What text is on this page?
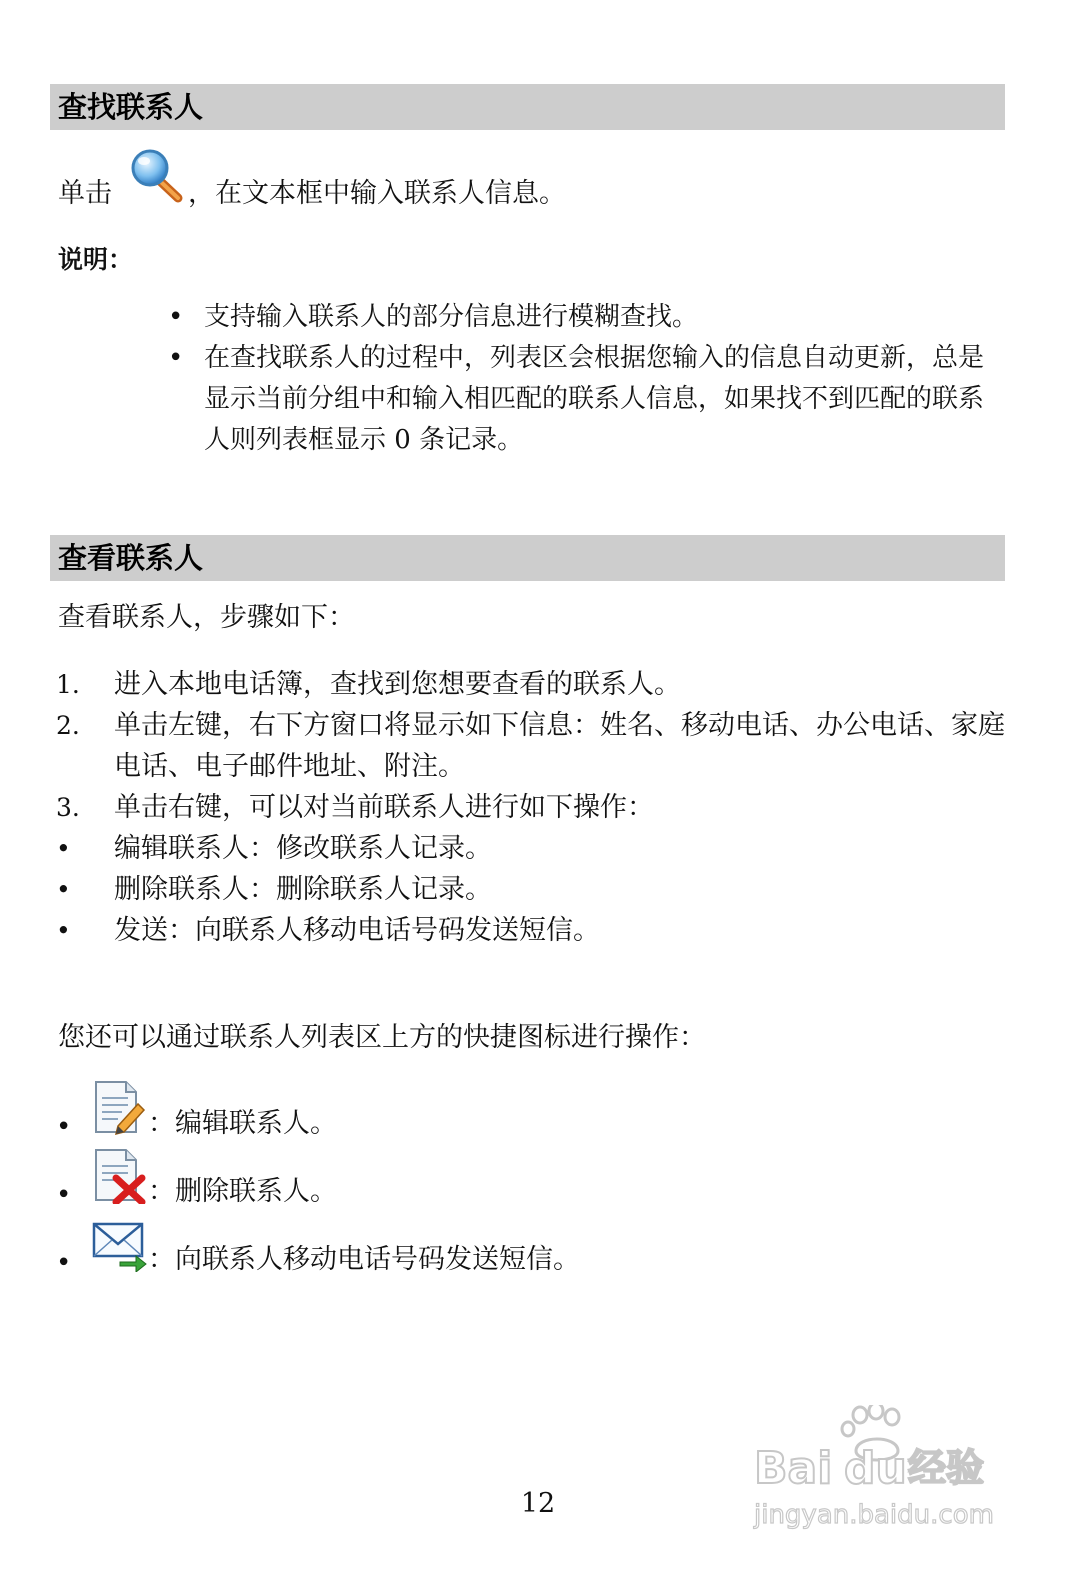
查找联系人
单击	，在文本框中输入联系人信息。
说明：
• 支持输入联系人的部分信息进行模糊查找。
• 在查找联系人的过程中，列表区会根据您输入的信息自动更新，总是显示当前分组中和输入相匹配的联系人信息，如果找不到匹配的联系人则列表框显示 0 条记录。
查看联系人
查看联系人，步骤如下：
1. 进入本地电话簿，查找到您想要查看的联系人。
2. 单击左键，右下方窗口将显示如下信息：姓名、移动电话、办公电话、家庭电话、电子邮件地址、附注。
3. 单击右键，可以对当前联系人进行如下操作：
• 编辑联系人：修改联系人记录。
• 删除联系人：删除联系人记录。
• 发送：向联系人移动电话号码发送短信。
您还可以通过联系人列表区上方的快捷图标进行操作：
•	：编辑联系人。
•	：删除联系人。
•	：向联系人移动电话号码发送短信。
12
Bai du 经验
jingyan.baidu.com
